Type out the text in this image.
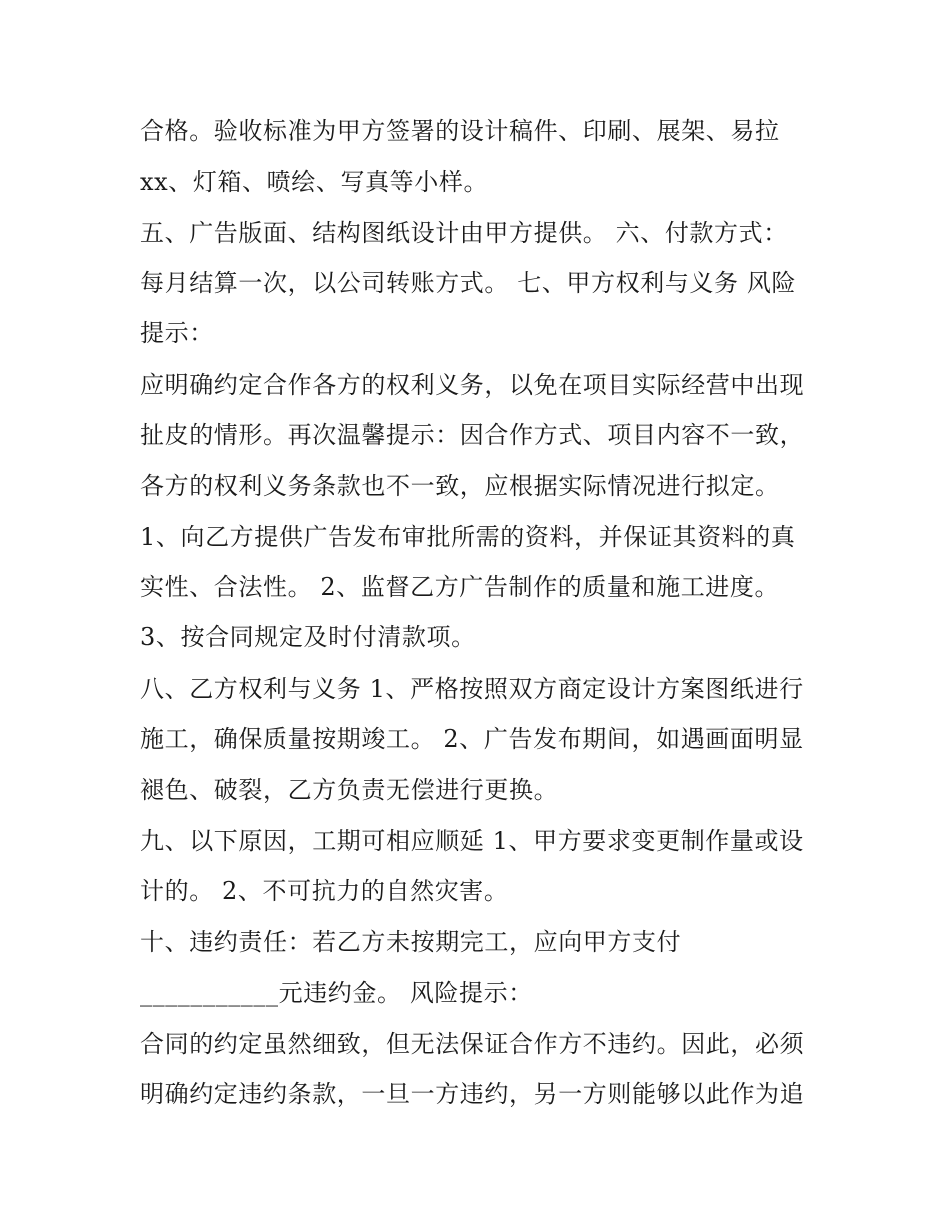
合格。验收标准为甲方签署的设计稿件、印刷、展架、易拉
xx、灯箱、喷绘、写真等小样。
五、广告版面、结构图纸设计由甲方提供。 六、付款方式：
每月结算一次，以公司转账方式。 七、甲方权利与义务 风险
提示：
应明确约定合作各方的权利义务，以免在项目实际经营中出现
扯皮的情形。再次温馨提示：因合作方式、项目内容不一致，
各方的权利义务条款也不一致，应根据实际情况进行拟定。
1、向乙方提供广告发布审批所需的资料，并保证其资料的真
实性、合法性。 2、监督乙方广告制作的质量和施工进度。
3、按合同规定及时付清款项。
八、乙方权利与义务 1、严格按照双方商定设计方案图纸进行
施工，确保质量按期竣工。 2、广告发布期间，如遇画面明显
褪色、破裂，乙方负责无偿进行更换。
九、以下原因，工期可相应顺延 1、甲方要求变更制作量或设
计的。 2、不可抗力的自然灾害。
十、违约责任：若乙方未按期完工，应向甲方支付
___________元违约金。 风险提示：
合同的约定虽然细致，但无法保证合作方不违约。因此，必须
明确约定违约条款，一旦一方违约，另一方则能够以此作为追
